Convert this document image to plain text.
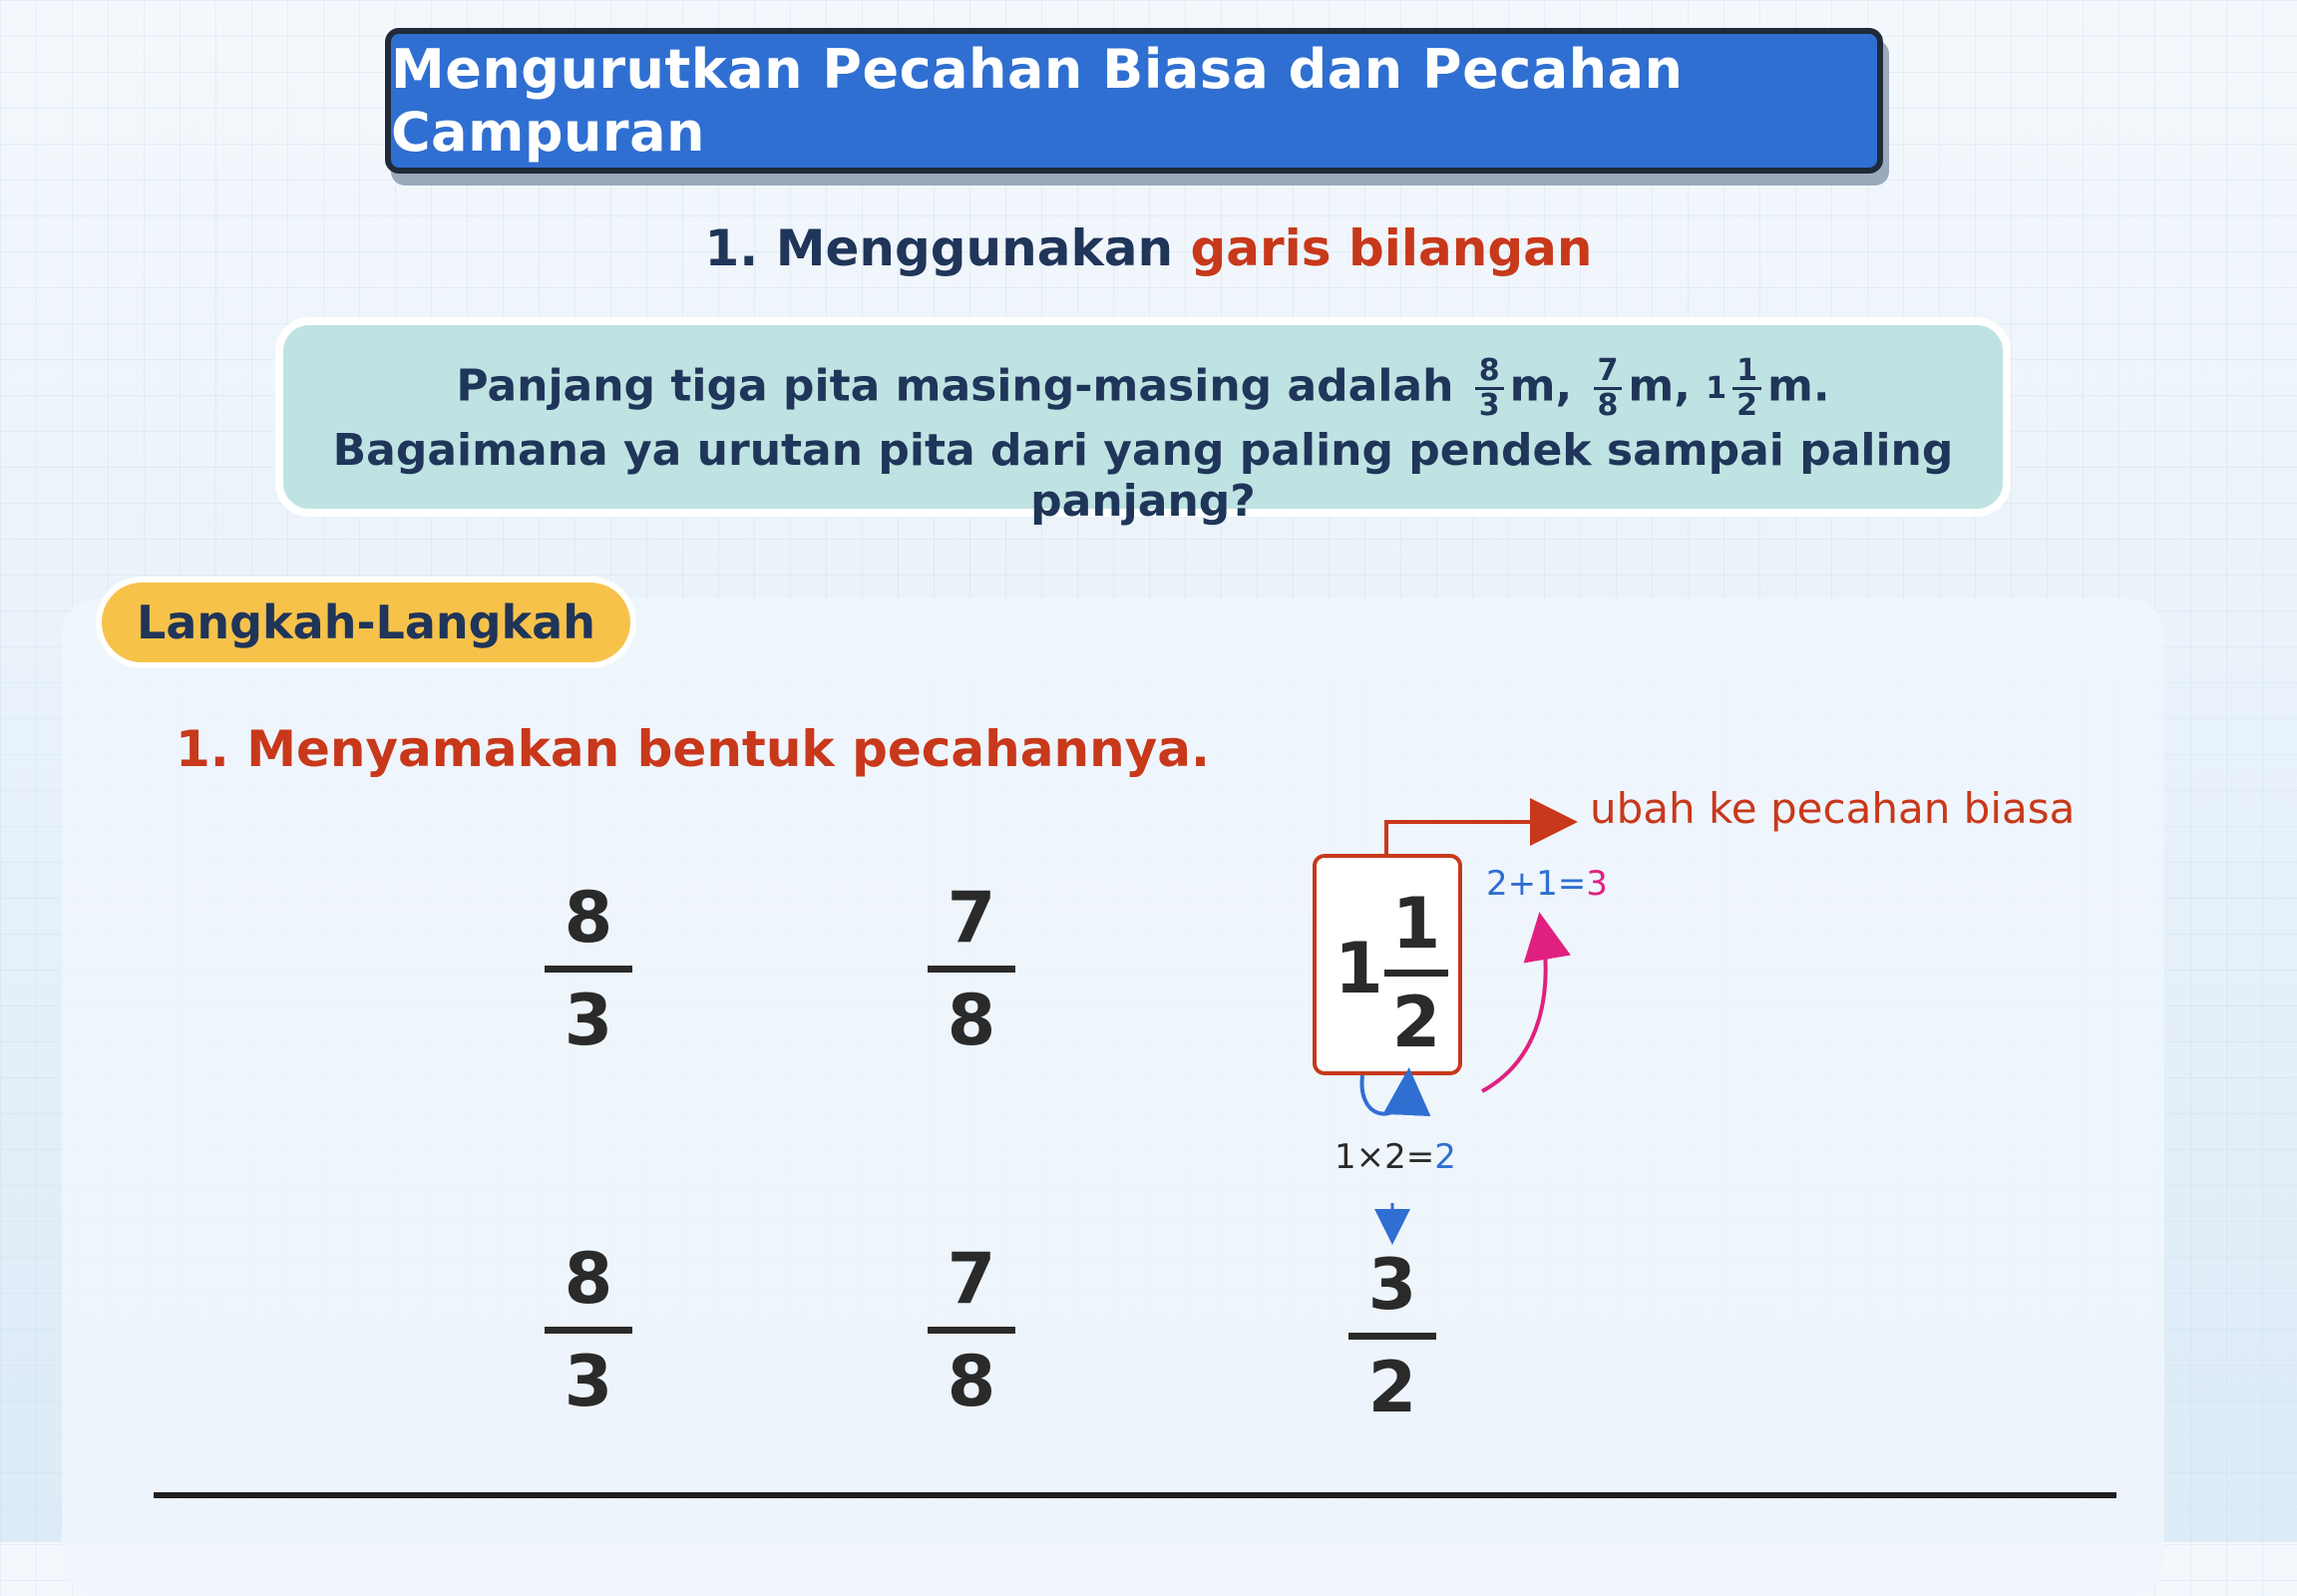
Mengurutkan Pecahan Biasa dan Pecahan Campuran
1. Menggunakan garis bilangan
Panjang tiga pita masing-masing adalah $\frac{8}{3} m$, $\frac{7}{8} m$, $1 \frac{1}{2} m$.
Bagaimana ya urutan pita dari yang paling pendek sampai paling panjang?
Langkah-Langkah
1. Menyamakan bentuk pecahannya.
8
3
7
8
1
1
2
8
3
7
8
3
2
ubah ke pecahan biasa
2+1=3
1×2=2
